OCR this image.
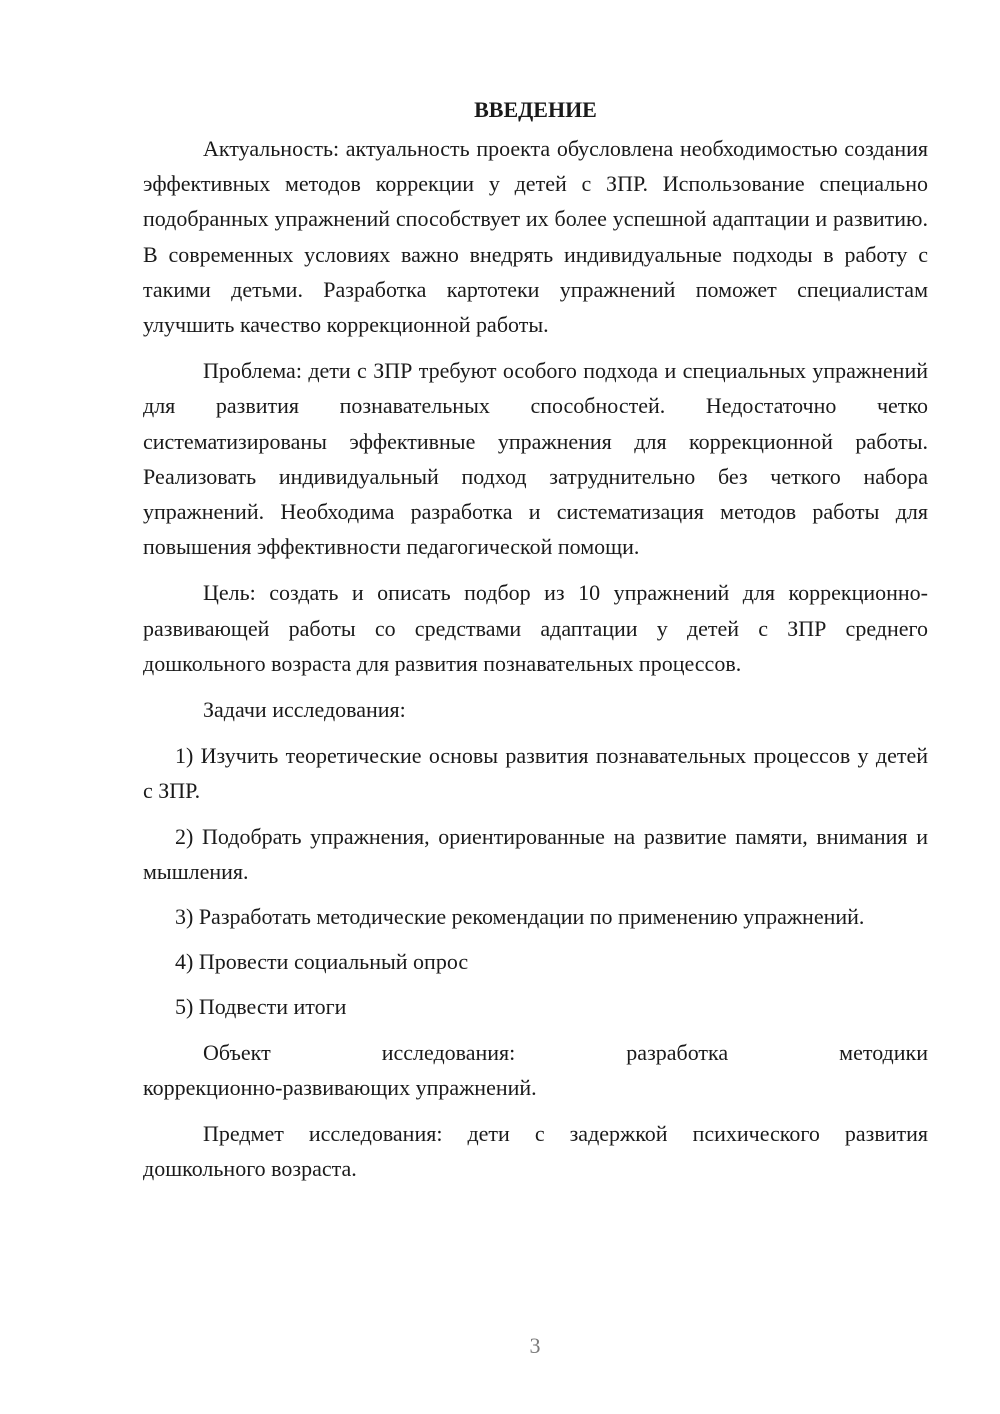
ВВЕДЕНИЕ

Актуальность: актуальность проекта обусловлена необходимостью создания эффективных методов коррекции у детей с ЗПР. Использование специально подобранных упражнений способствует их более успешной адаптации и развитию. В современных условиях важно внедрять индивидуальные подходы в работу с такими детьми. Разработка картотеки упражнений поможет специалистам улучшить качество коррекционной работы.

Проблема: дети с ЗПР требуют особого подхода и специальных упражнений для развития познавательных способностей. Недостаточно четко систематизированы эффективные упражнения для коррекционной работы. Реализовать индивидуальный подход затруднительно без четкого набора упражнений. Необходима разработка и систематизация методов работы для повышения эффективности педагогической помощи.

Цель: создать и описать подбор из 10 упражнений для коррекционно-развивающей работы со средствами адаптации у детей с ЗПР среднего дошкольного возраста для развития познавательных процессов.

Задачи исследования:

1) Изучить теоретические основы развития познавательных процессов у детей с ЗПР.

2) Подобрать упражнения, ориентированные на развитие памяти, внимания и мышления.

3) Разработать методические рекомендации по применению упражнений.

4) Провести социальный опрос

5) Подвести итоги

Объект исследования: разработка методики
коррекционно-развивающих упражнений.

Предмет исследования: дети с задержкой психического развития дошкольного возраста.

3
